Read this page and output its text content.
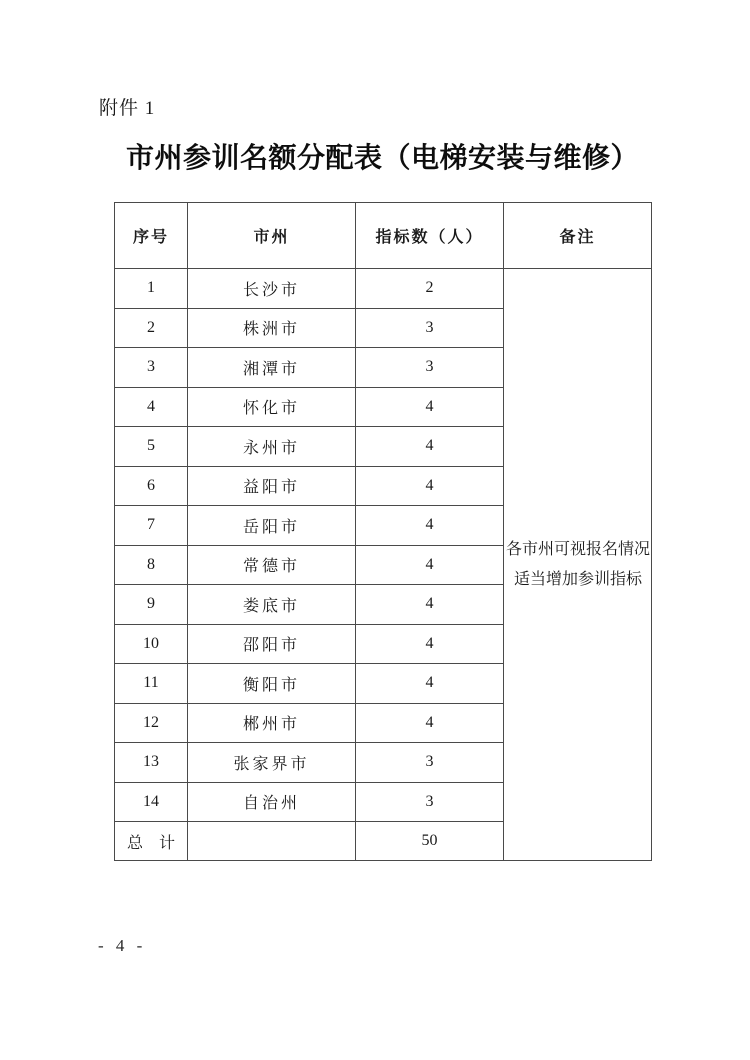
附件 1
市州参训名额分配表（电梯安装与维修）
序号	市州	指标数（人）	备注
1	长沙市	2	各市州可视报名情况适当增加参训指标

2	株洲市	3	
3	湘潭市	3	
4	怀化市	4	
5	永州市	4	
6	益阳市	4	
7	岳阳市	4	
8	常德市	4	
9	娄底市	4	
10	邵阳市	4	
11	衡阳市	4	
12	郴州市	4	
13	张家界市	3	
14	自治州	3	
总　计		50	
- 4 -
